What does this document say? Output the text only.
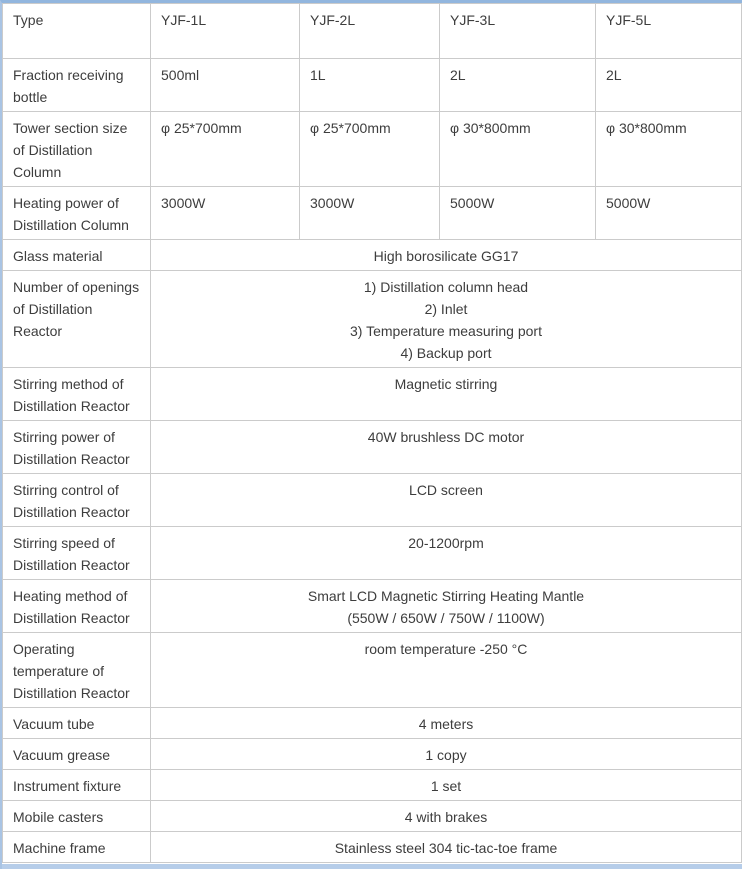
Type	YJF-1L	YJF-2L	YJF-3L	YJF-5L
Fraction receiving bottle	500ml	1L	2L	2L
Tower section size of Distillation Column	φ 25*700mm	φ 25*700mm	φ 30*800mm	φ 30*800mm
Heating power of Distillation Column	3000W	3000W	5000W	5000W
Glass material	High borosilicate GG17			

Number of openings of Distillation Reactor	1) Distillation column head
2) Inlet
3) Temperature measuring port
4) Backup port			

Stirring method of Distillation Reactor	Magnetic stirring			

Stirring power of Distillation Reactor	40W brushless DC motor			

Stirring control of Distillation Reactor	LCD screen			

Stirring speed of Distillation Reactor	20-1200rpm			

Heating method of Distillation Reactor	Smart LCD Magnetic Stirring Heating Mantle
(550W / 650W / 750W / 1100W)			

Operating temperature of Distillation Reactor	room temperature -250 °C			

Vacuum tube	4 meters			

Vacuum grease	1 copy			

Instrument fixture	1 set			

Mobile casters	4 with brakes			

Machine frame	Stainless steel 304 tic-tac-toe frame			
